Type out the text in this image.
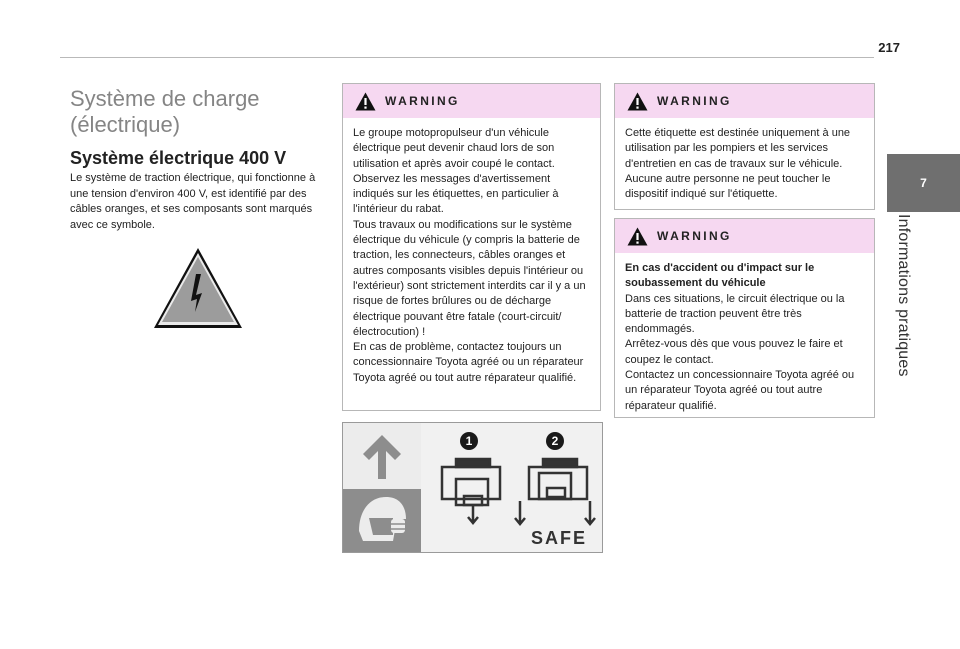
217
7
Informations pratiques
Système de charge (électrique)
Système électrique 400 V

Le système de traction électrique, qui fonctionne à une tension d'environ 400 V, est identifié par des câbles oranges, et ses composants sont marqués avec ce symbole.

WARNING

Le groupe motopropulseur d'un véhicule électrique peut devenir chaud lors de son utilisation et après avoir coupé le contact.

Observez les messages d'avertissement indiqués sur les étiquettes, en particulier à l'intérieur du rabat.

Tous travaux ou modifications sur le système électrique du véhicule (y compris la batterie de traction, les connecteurs, câbles oranges et autres composants visibles depuis l'intérieur ou l'extérieur) sont strictement interdits car il y a un risque de fortes brûlures ou de décharge électrique pouvant être fatale (court-circuit/électrocution) !

En cas de problème, contactez toujours un concessionnaire Toyota agréé ou un réparateur Toyota agréé ou tout autre réparateur qualifié.

WARNING

Cette étiquette est destinée uniquement à une utilisation par les pompiers et les services d'entretien en cas de travaux sur le véhicule. Aucune autre personne ne peut toucher le dispositif indiqué sur l'étiquette.

WARNING

En cas d'accident ou d'impact sur le soubassement du véhicule

Dans ces situations, le circuit électrique ou la batterie de traction peuvent être très endommagés.

Arrêtez-vous dès que vous pouvez le faire et coupez le contact.

Contactez un concessionnaire Toyota agréé ou un réparateur Toyota agréé ou tout autre réparateur qualifié.

1	2
SAFE
